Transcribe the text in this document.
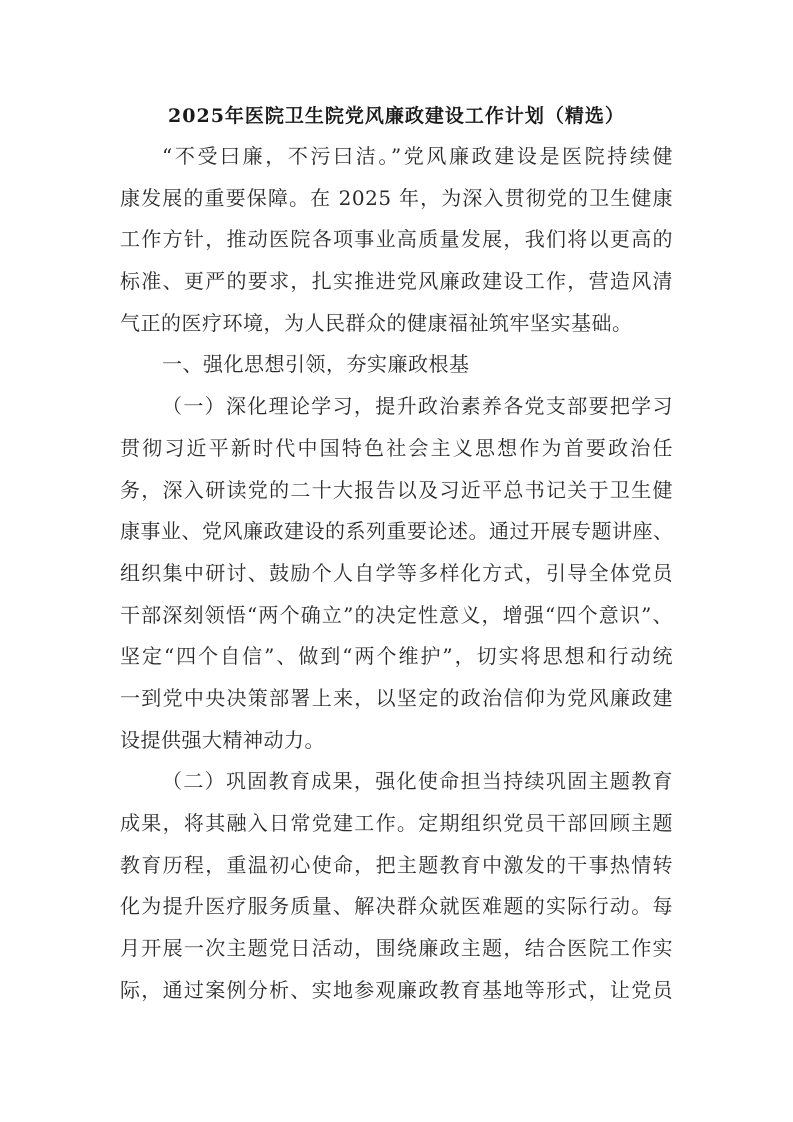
2025年医院卫生院党风廉政建设工作计划（精选）

“不受曰廉，不污曰洁。”党风廉政建设是医院持续健

康发展的重要保障。在 2025 年，为深入贯彻党的卫生健康

工作方针，推动医院各项事业高质量发展，我们将以更高的

标准、更严的要求，扎实推进党风廉政建设工作，营造风清

气正的医疗环境，为人民群众的健康福祉筑牢坚实基础。

一、强化思想引领，夯实廉政根基

（一）深化理论学习，提升政治素养各党支部要把学习

贯彻习近平新时代中国特色社会主义思想作为首要政治任

务，深入研读党的二十大报告以及习近平总书记关于卫生健

康事业、党风廉政建设的系列重要论述。通过开展专题讲座、

组织集中研讨、鼓励个人自学等多样化方式，引导全体党员

干部深刻领悟“两个确立”的决定性意义，增强“四个意识”、

坚定“四个自信”、做到“两个维护”，切实将思想和行动统

一到党中央决策部署上来，以坚定的政治信仰为党风廉政建

设提供强大精神动力。

（二）巩固教育成果，强化使命担当持续巩固主题教育

成果，将其融入日常党建工作。定期组织党员干部回顾主题

教育历程，重温初心使命，把主题教育中激发的干事热情转

化为提升医疗服务质量、解决群众就医难题的实际行动。每

月开展一次主题党日活动，围绕廉政主题，结合医院工作实

际，通过案例分析、实地参观廉政教育基地等形式，让党员
